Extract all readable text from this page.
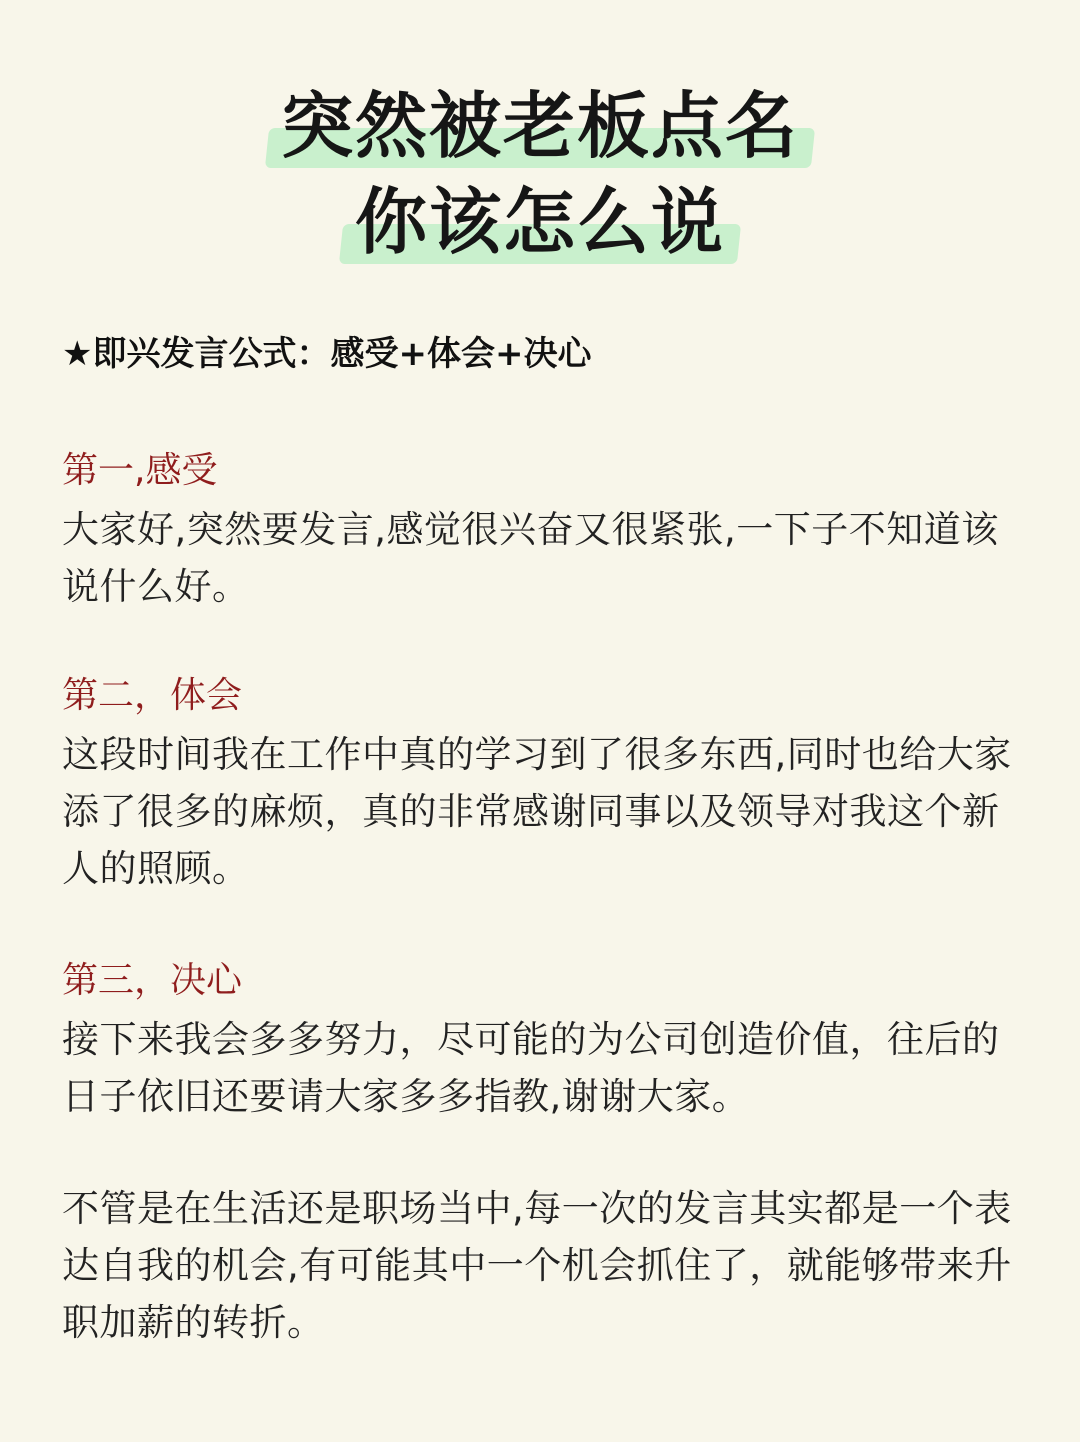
突然被老板点名
你该怎么说
★即兴发言公式：感受+体会+决心

第一,感受

大家好,突然要发言,感觉很兴奋又很紧张,一下子不知道该说什么好。

第二，体会

这段时间我在工作中真的学习到了很多东西,同时也给大家添了很多的麻烦，真的非常感谢同事以及领导对我这个新人的照顾。

第三，决心

接下来我会多多努力，尽可能的为公司创造价值，往后的日子依旧还要请大家多多指教,谢谢大家。

不管是在生活还是职场当中,每一次的发言其实都是一个表达自我的机会,有可能其中一个机会抓住了，就能够带来升职加薪的转折。
